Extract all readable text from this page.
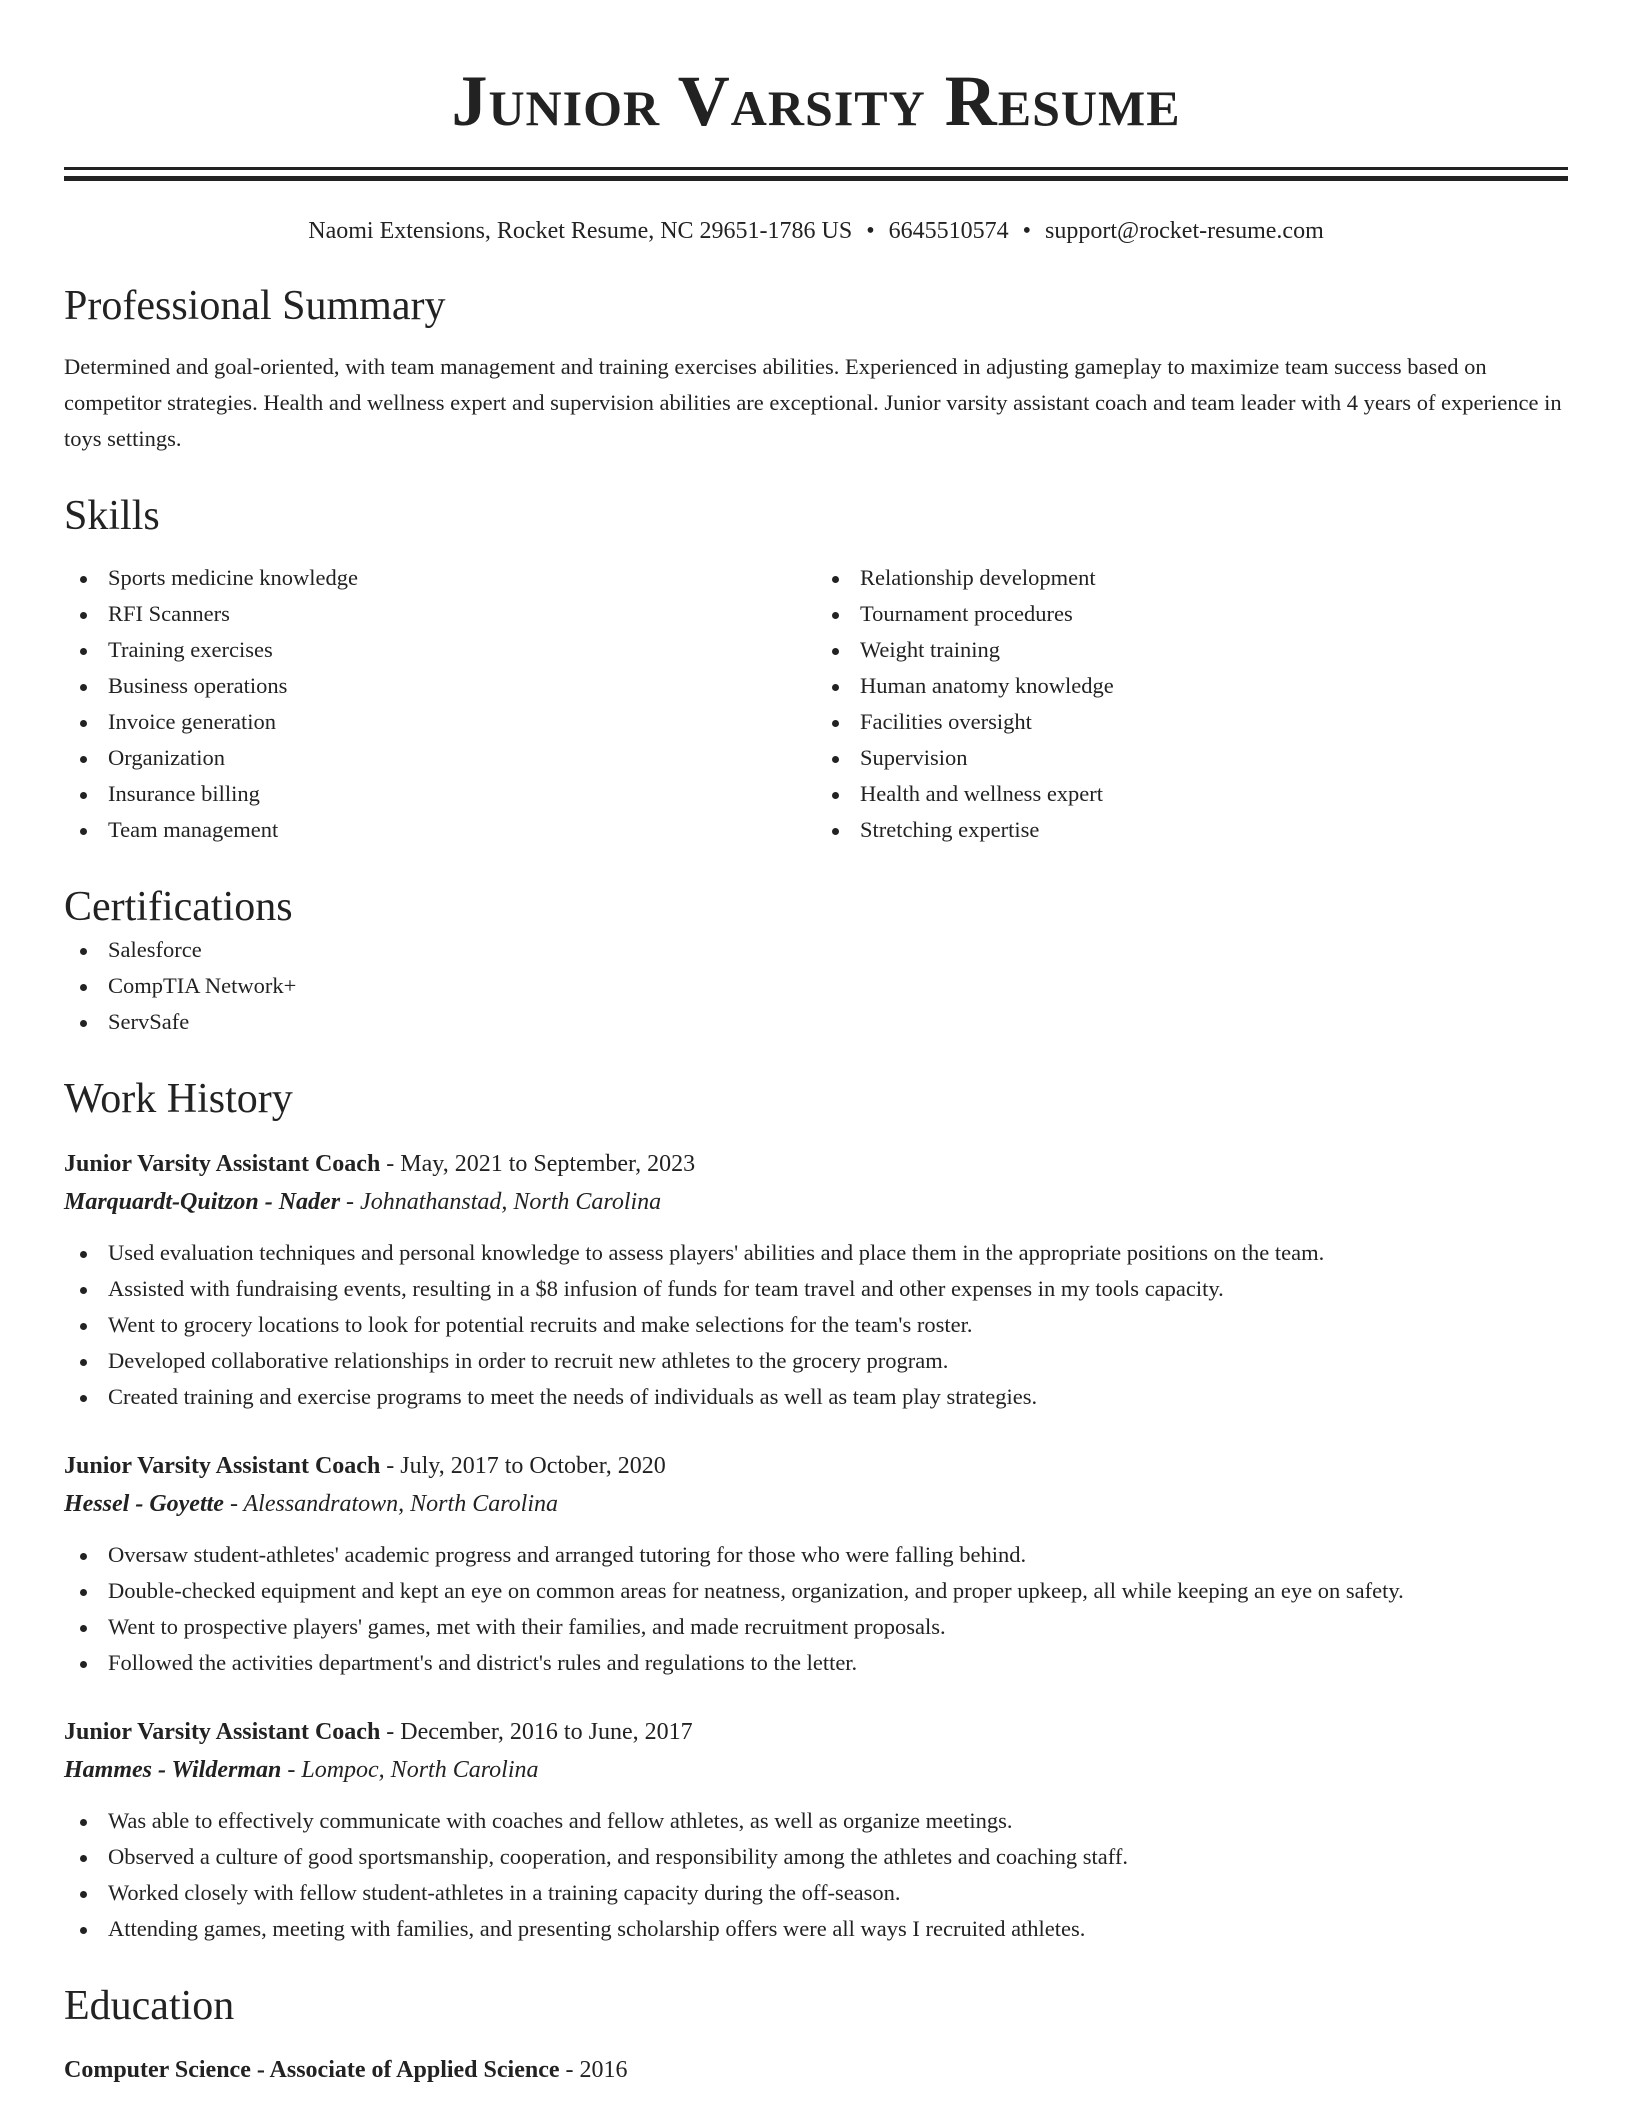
Junior Varsity Resume
Naomi Extensions, Rocket Resume, NC 29651-1786 US • 6645510574 • support@rocket-resume.com
Professional Summary
Determined and goal-oriented, with team management and training exercises abilities. Experienced in adjusting gameplay to maximize team success based on competitor strategies. Health and wellness expert and supervision abilities are exceptional. Junior varsity assistant coach and team leader with 4 years of experience in toys settings.
Skills
Sports medicine knowledge
RFI Scanners
Training exercises
Business operations
Invoice generation
Organization
Insurance billing
Team management
Relationship development
Tournament procedures
Weight training
Human anatomy knowledge
Facilities oversight
Supervision
Health and wellness expert
Stretching expertise
Certifications
Salesforce
CompTIA Network+
ServSafe
Work History
Junior Varsity Assistant Coach - May, 2021 to September, 2023
Marquardt-Quitzon - Nader - Johnathanstad, North Carolina
Used evaluation techniques and personal knowledge to assess players' abilities and place them in the appropriate positions on the team.
Assisted with fundraising events, resulting in a $8 infusion of funds for team travel and other expenses in my tools capacity.
Went to grocery locations to look for potential recruits and make selections for the team's roster.
Developed collaborative relationships in order to recruit new athletes to the grocery program.
Created training and exercise programs to meet the needs of individuals as well as team play strategies.
Junior Varsity Assistant Coach - July, 2017 to October, 2020
Hessel - Goyette - Alessandratown, North Carolina
Oversaw student-athletes' academic progress and arranged tutoring for those who were falling behind.
Double-checked equipment and kept an eye on common areas for neatness, organization, and proper upkeep, all while keeping an eye on safety.
Went to prospective players' games, met with their families, and made recruitment proposals.
Followed the activities department's and district's rules and regulations to the letter.
Junior Varsity Assistant Coach - December, 2016 to June, 2017
Hammes - Wilderman - Lompoc, North Carolina
Was able to effectively communicate with coaches and fellow athletes, as well as organize meetings.
Observed a culture of good sportsmanship, cooperation, and responsibility among the athletes and coaching staff.
Worked closely with fellow student-athletes in a training capacity during the off-season.
Attending games, meeting with families, and presenting scholarship offers were all ways I recruited athletes.
Education
Computer Science - Associate of Applied Science - 2016
